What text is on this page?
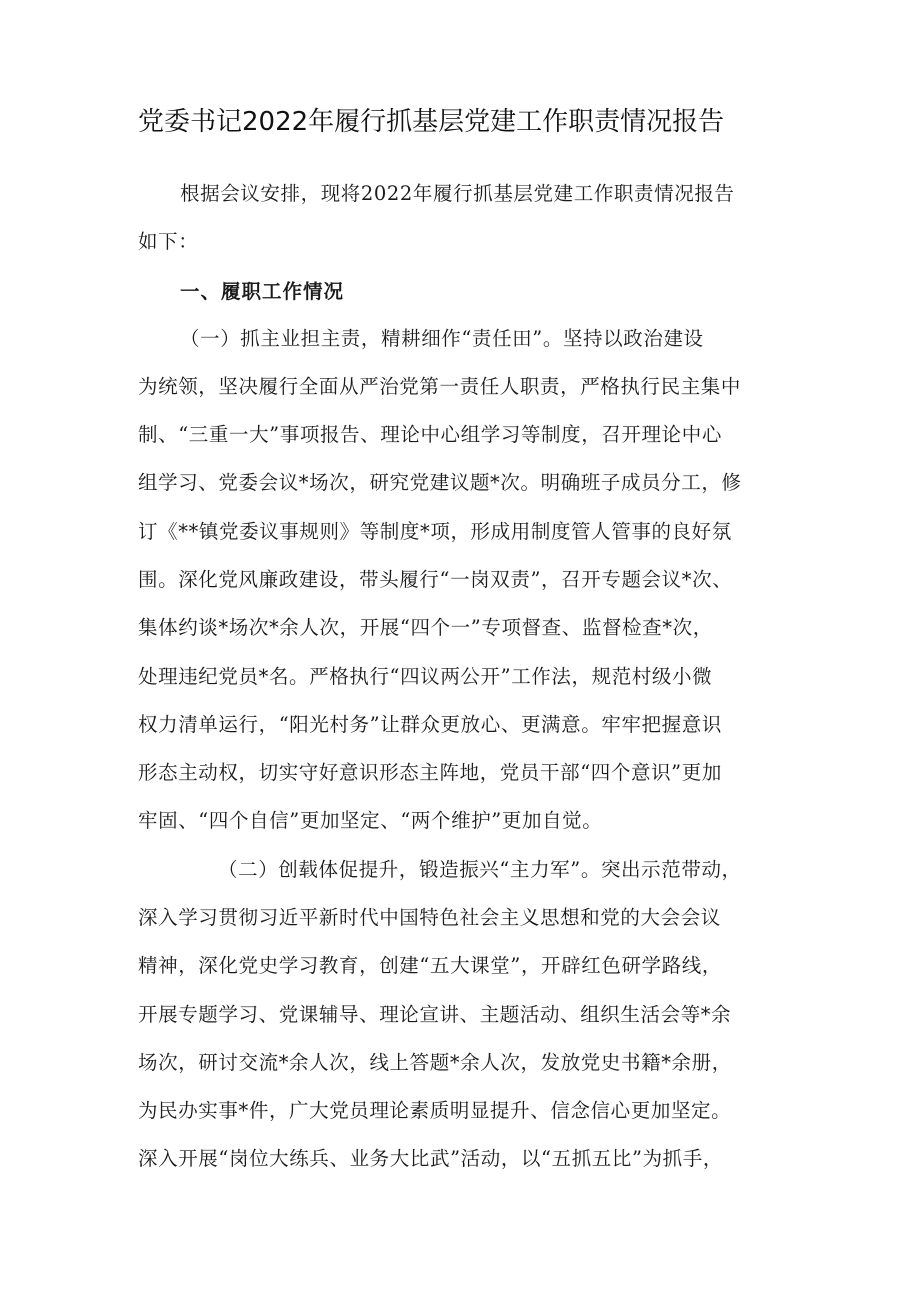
党委书记2022年履行抓基层党建工作职责情况报告
根据会议安排，现将2022年履行抓基层党建工作职责情况报告
如下：
一、履职工作情况
（一）抓主业担主责，精耕细作“责任田”。坚持以政治建设
为统领，坚决履行全面从严治党第一责任人职责，严格执行民主集中
制、“三重一大”事项报告、理论中心组学习等制度，召开理论中心
组学习、党委会议*场次，研究党建议题*次。明确班子成员分工，修
订《**镇党委议事规则》等制度*项，形成用制度管人管事的良好氛
围。深化党风廉政建设，带头履行“一岗双责”，召开专题会议*次、
集体约谈*场次*余人次，开展“四个一”专项督查、监督检查*次，
处理违纪党员*名。严格执行“四议两公开”工作法，规范村级小微
权力清单运行，“阳光村务”让群众更放心、更满意。牢牢把握意识
形态主动权，切实守好意识形态主阵地，党员干部“四个意识”更加
牢固、“四个自信”更加坚定、“两个维护”更加自觉。
（二）创载体促提升，锻造振兴“主力军”。突出示范带动，
深入学习贯彻习近平新时代中国特色社会主义思想和党的大会会议
精神，深化党史学习教育，创建“五大课堂”，开辟红色研学路线，
开展专题学习、党课辅导、理论宣讲、主题活动、组织生活会等*余
场次，研讨交流*余人次，线上答题*余人次，发放党史书籍*余册，
为民办实事*件，广大党员理论素质明显提升、信念信心更加坚定。
深入开展“岗位大练兵、业务大比武”活动，以“五抓五比”为抓手，
